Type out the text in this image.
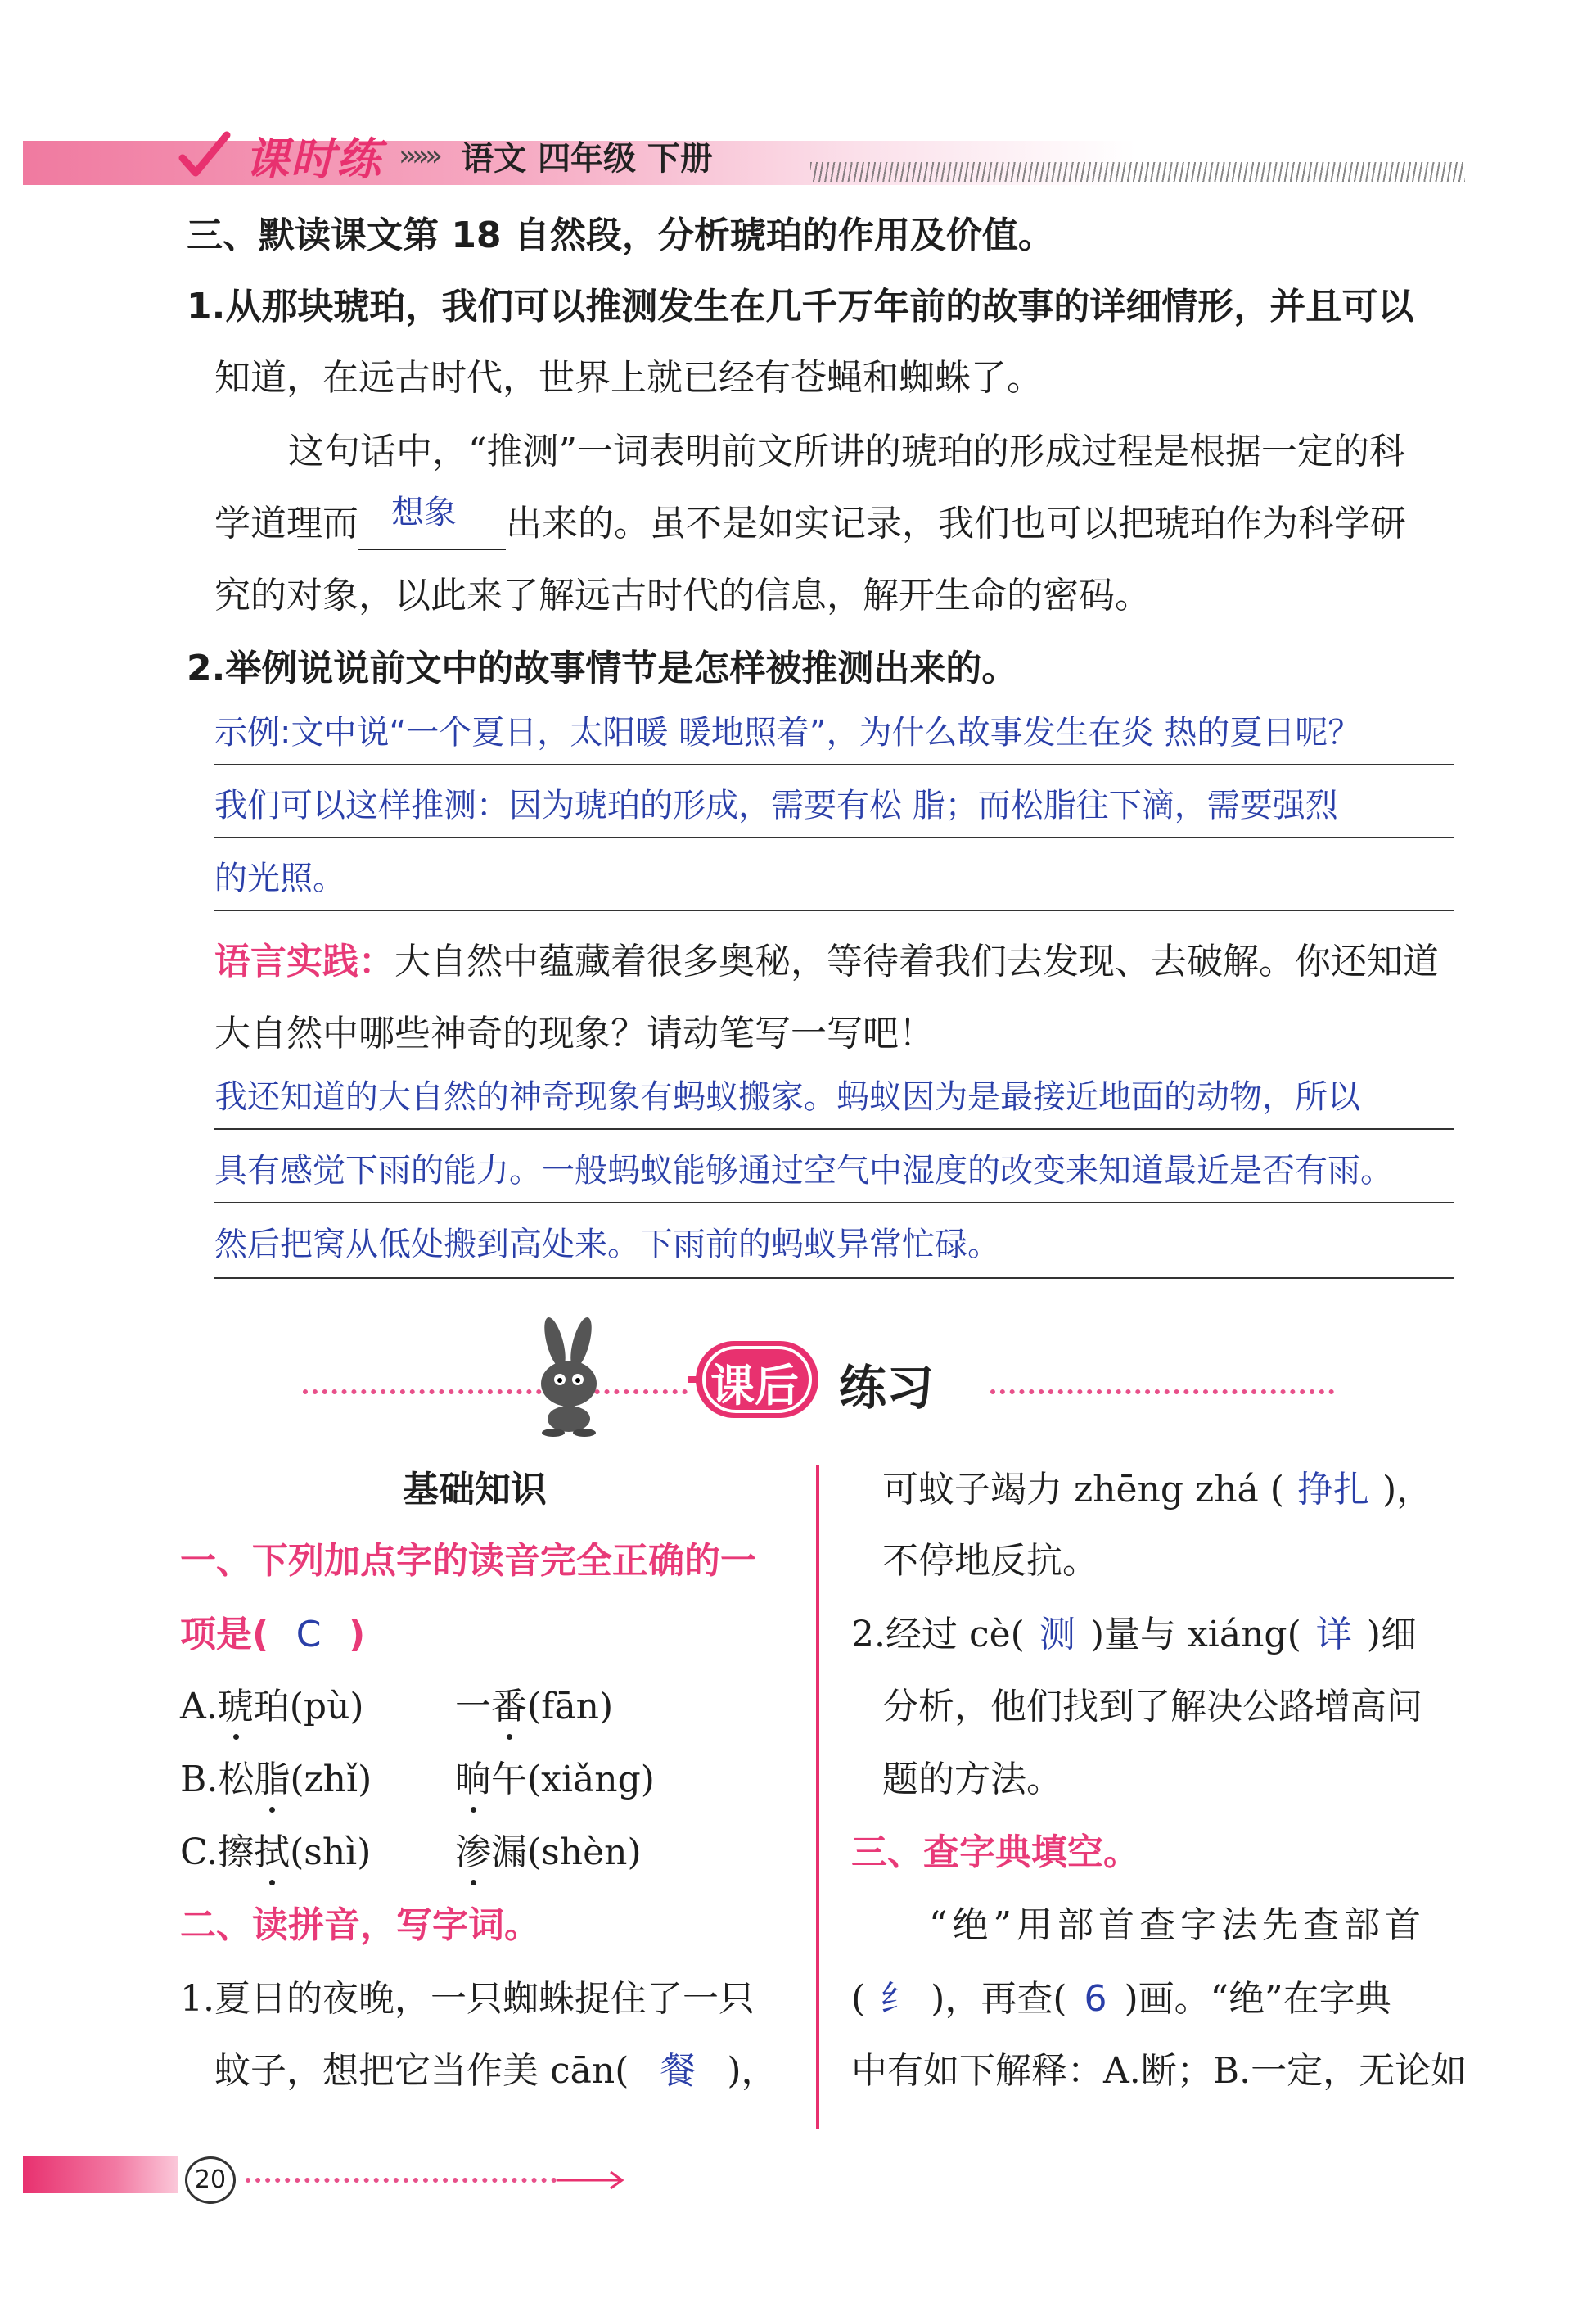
课时练 »»» 语文 四年级 下册
三、默读课文第 18 自然段，分析琥珀的作用及价值。
1.从那块琥珀，我们可以推测发生在几千万年前的故事的详细情形，并且可以
知道，在远古时代，世界上就已经有苍蝇和蜘蛛了。
这句话中，“推测”一词表明前文所讲的琥珀的形成过程是根据一定的科
学道理而 想象 出来的。虽不是如实记录，我们也可以把琥珀作为科学研
究的对象，以此来了解远古时代的信息，解开生命的密码。
2.举例说说前文中的故事情节是怎样被推测出来的。
示例:文中说“一个夏日，太阳暖 暖地照着”，为什么故事发生在炎 热的夏日呢？
我们可以这样推测：因为琥珀的形成，需要有松 脂；而松脂往下滴，需要强烈
的光照。
语言实践：大自然中蕴藏着很多奥秘，等待着我们去发现、去破解。你还知道
大自然中哪些神奇的现象？请动笔写一写吧！
我还知道的大自然的神奇现象有蚂蚁搬家。蚂蚁因为是最接近地面的动物，所以
具有感觉下雨的能力。一般蚂蚁能够通过空气中湿度的改变来知道最近是否有雨。
然后把窝从低处搬到高处来。下雨前的蚂蚁异常忙碌。
课后 练习
基础知识
一、下列加点字的读音完全正确的一
项是( C )
A.琥珀(pù)	一番(fān)
B.松脂(zhǐ) 晌午(xiǎng)
C.擦拭(shì) 渗漏(shèn)
二、读拼音，写字词。
1.夏日的夜晚，一只蜘蛛捉住了一只
蚊子，想把它当作美 cān( 餐 )，
可蚊子竭力 zhēng zhá ( 挣扎 )，
不停地反抗。
2.经过 cè( 测 )量与 xiáng( 详 )细
分析，他们找到了解决公路增高问
题的方法。
三、查字典填空。
“绝”用部首查字法先查部首
( 纟 )，再查( 6 )画。“绝”在字典
中有如下解释：A.断；B.一定，无论如
20
